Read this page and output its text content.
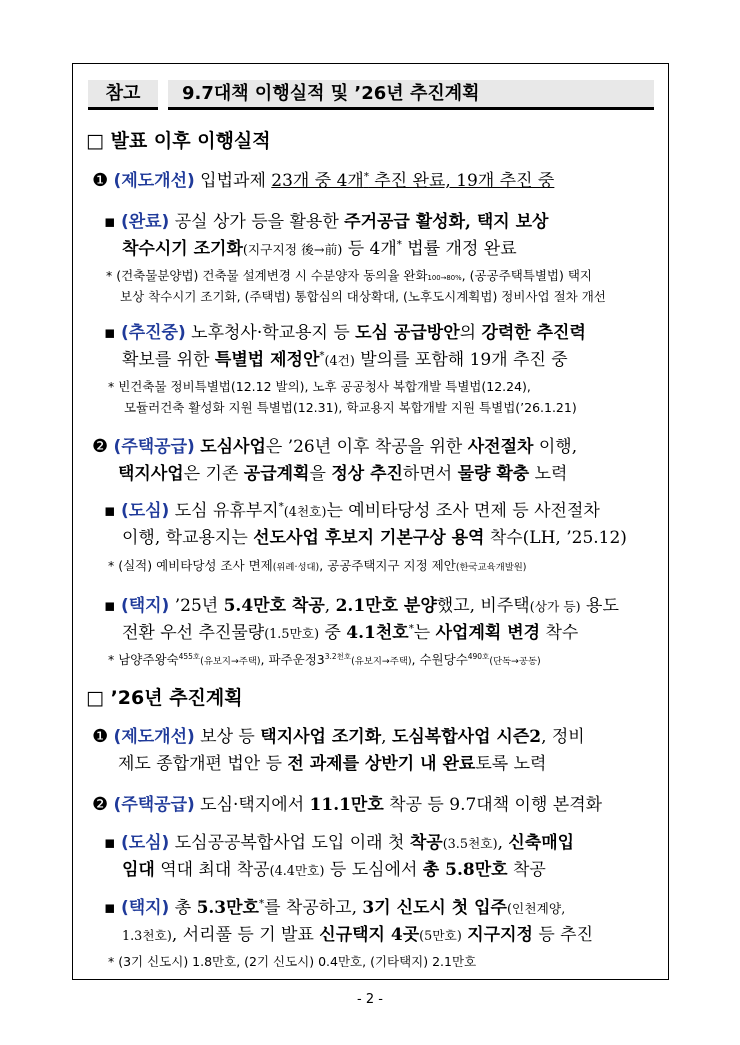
참고	9.7대책 이행실적 및 ’26년 추진계획
□ 발표 이후 이행실적
❶ (제도개선) 입법과제 23개 중 4개* 추진 완료, 19개 추진 중
▪ (완료) 공실 상가 등을 활용한 주거공급 활성화, 택지 보상
착수시기 조기화(지구지정 後→前) 등 4개* 법률 개정 완료
* (건축물분양법) 건축물 설계변경 시 수분양자 동의율 완화100→80%, (공공주택특별법) 택지
보상 착수시기 조기화, (주택법) 통합심의 대상확대, (노후도시계획법) 정비사업 절차 개선
▪ (추진중) 노후청사·학교용지 등 도심 공급방안의 강력한 추진력
확보를 위한 특별법 제정안*(4건) 발의를 포함해 19개 추진 중
* 빈건축물 정비특별법(12.12 발의), 노후 공공청사 복합개발 특별법(12.24),
모듈러건축 활성화 지원 특별법(12.31), 학교용지 복합개발 지원 특별법(’26.1.21)
❷ (주택공급) 도심사업은 ’26년 이후 착공을 위한 사전절차 이행,
택지사업은 기존 공급계획을 정상 추진하면서 물량 확충 노력
▪ (도심) 도심 유휴부지*(4천호)는 예비타당성 조사 면제 등 사전절차
이행, 학교용지는 선도사업 후보지 기본구상 용역 착수(LH, ’25.12)
* (실적) 예비타당성 조사 면제(위례·성대), 공공주택지구 지정 제안(한국교육개발원)
▪ (택지) ’25년 5.4만호 착공, 2.1만호 분양했고, 비주택(상가 등) 용도
전환 우선 추진물량(1.5만호) 중 4.1천호*는 사업계획 변경 착수
* 남양주왕숙$^{455호}$(유보지→주택), 파주운정$3^{3.2천호}$(유보지→주택), 수원당수$^{490호}$(단독→공동)
□ ’26년 추진계획
❶ (제도개선) 보상 등 택지사업 조기화, 도심복합사업 시즌2, 정비
제도 종합개편 법안 등 전 과제를 상반기 내 완료토록 노력
❷ (주택공급) 도심·택지에서 11.1만호 착공 등 9.7대책 이행 본격화
▪ (도심) 도심공공복합사업 도입 이래 첫 착공(3.5천호), 신축매입
임대 역대 최대 착공(4.4만호) 등 도심에서 총 5.8만호 착공
▪ (택지) 총 5.3만호*를 착공하고, 3기 신도시 첫 입주(인천계양,
1.3천호), 서리풀 등 기 발표 신규택지 4곳(5만호) 지구지정 등 추진
* (3기 신도시) 1.8만호, (2기 신도시) 0.4만호, (기타택지) 2.1만호
- 2 -
